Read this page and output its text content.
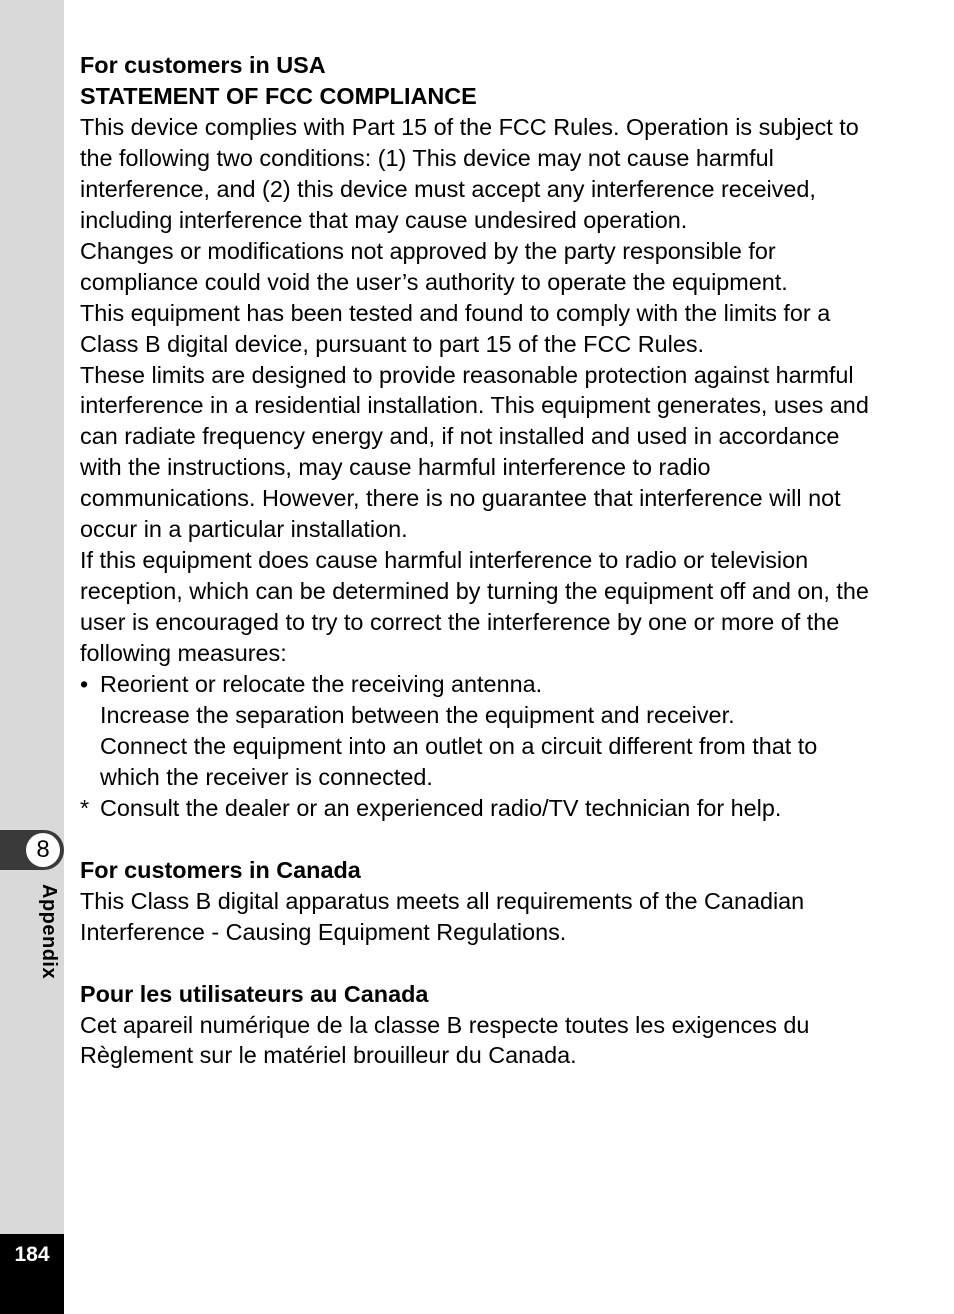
8
Appendix
184

For customers in USA

STATEMENT OF FCC COMPLIANCE

This device complies with Part 15 of the FCC Rules. Operation is subject to the following two conditions: (1) This device may not cause harmful interference, and (2) this device must accept any interference received, including interference that may cause undesired operation.

Changes or modifications not approved by the party responsible for compliance could void the user’s authority to operate the equipment.

This equipment has been tested and found to comply with the limits for a Class B digital device, pursuant to part 15 of the FCC Rules.

These limits are designed to provide reasonable protection against harmful interference in a residential installation. This equipment generates, uses and can radiate frequency energy and, if not installed and used in accordance with the instructions, may cause harmful interference to radio communications. However, there is no guarantee that interference will not occur in a particular installation.

If this equipment does cause harmful interference to radio or television reception, which can be determined by turning the equipment off and on, the user is encouraged to try to correct the interference by one or more of the following measures:

• Reorient or relocate the receiving antenna.

Increase the separation between the equipment and receiver.

Connect the equipment into an outlet on a circuit different from that to which the receiver is connected.

* Consult the dealer or an experienced radio/TV technician for help.

For customers in Canada

This Class B digital apparatus meets all requirements of the Canadian Interference - Causing Equipment Regulations.

Pour les utilisateurs au Canada

Cet apareil numérique de la classe B respecte toutes les exigences du Règlement sur le matériel brouilleur du Canada.
